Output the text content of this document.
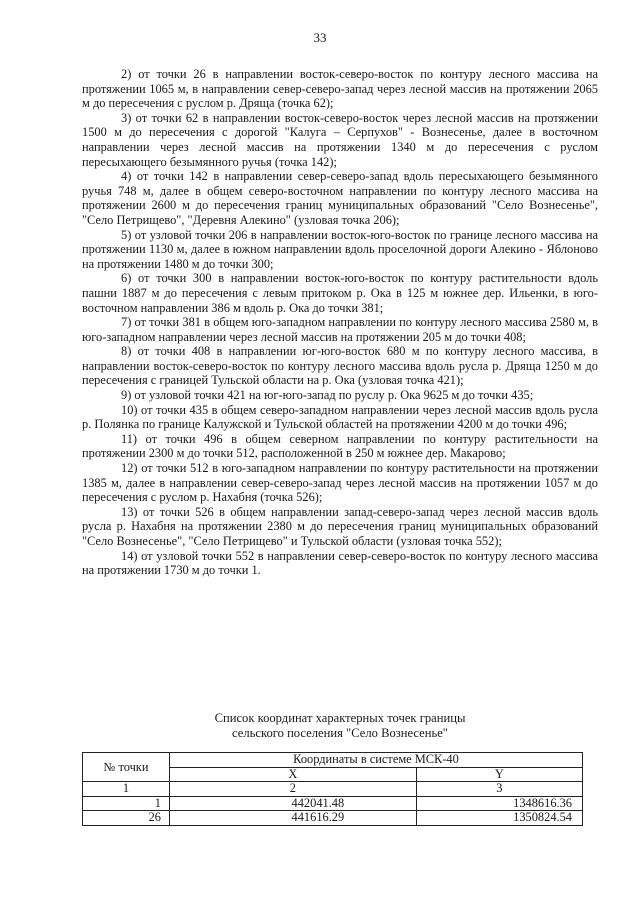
33

2) от точки 26 в направлении восток-северо-восток по контуру лесного массива на протяжении 1065 м, в направлении север-северо-запад через лесной массив на протяжении 2065 м до пересечения с руслом р. Дряща (точка 62);

3) от точки 62 в направлении восток-северо-восток через лесной массив на протяжении 1500 м до пересечения с дорогой "Калуга – Серпухов" - Вознесенье, далее в восточном направлении через лесной массив на протяжении 1340 м до пересечения с руслом пересыхающего безымянного ручья (точка 142);

4) от точки 142 в направлении север-северо-запад вдоль пересыхающего безымянного ручья 748 м, далее в общем северо-восточном направлении по контуру лесного массива на протяжении 2600 м до пересечения границ муниципальных образований "Село Вознесенье", "Село Петрищево", "Деревня Алекино" (узловая точка 206);

5) от узловой точки 206 в направлении восток-юго-восток по границе лесного массива на протяжении 1130 м, далее в южном направлении вдоль проселочной дороги Алекино - Яблоново на протяжении 1480 м до точки 300;

6) от точки 300 в направлении восток-юго-восток по контуру растительности вдоль пашни 1887 м до пересечения с левым притоком р. Ока в 125 м южнее дер. Ильенки, в юго-восточном направлении 386 м вдоль р. Ока до точки 381;

7) от точки 381 в общем юго-западном направлении по контуру лесного массива 2580 м, в юго-западном направлении через лесной массив на протяжении 205 м до точки 408;

8) от точки 408 в направлении юг-юго-восток 680 м по контуру лесного массива, в направлении восток-северо-восток по контуру лесного массива вдоль русла р. Дряща 1250 м до пересечения с границей Тульской области на р. Ока (узловая точка 421);

9) от узловой точки 421 на юг-юго-запад по руслу р. Ока 9625 м до точки 435;

10) от точки 435 в общем северо-западном направлении через лесной массив вдоль русла р. Полянка по границе Калужской и Тульской областей на протяжении 4200 м до точки 496;

11) от точки 496 в общем северном направлении по контуру растительности на протяжении 2300 м до точки 512, расположенной в 250 м южнее дер. Макарово;

12) от точки 512 в юго-западном направлении по контуру растительности на протяжении 1385 м, далее в направлении север-северо-запад через лесной массив на протяжении 1057 м до пересечения с руслом р. Нахабня (точка 526);

13) от точки 526 в общем направлении запад-северо-запад через лесной массив вдоль русла р. Нахабня на протяжении 2380 м до пересечения границ муниципальных образований "Село Вознесенье", "Село Петрищево" и Тульской области (узловая точка 552);

14) от узловой точки 552 в направлении север-северо-восток по контуру лесного массива на протяжении 1730 м до точки 1.

Список координат характерных точек границы
сельского поселения "Село Вознесенье"
№ точки	Координаты в системе МСК-40	
	X	Y
1	2	3
1	442041.48	1348616.36
26	441616.29	1350824.54
